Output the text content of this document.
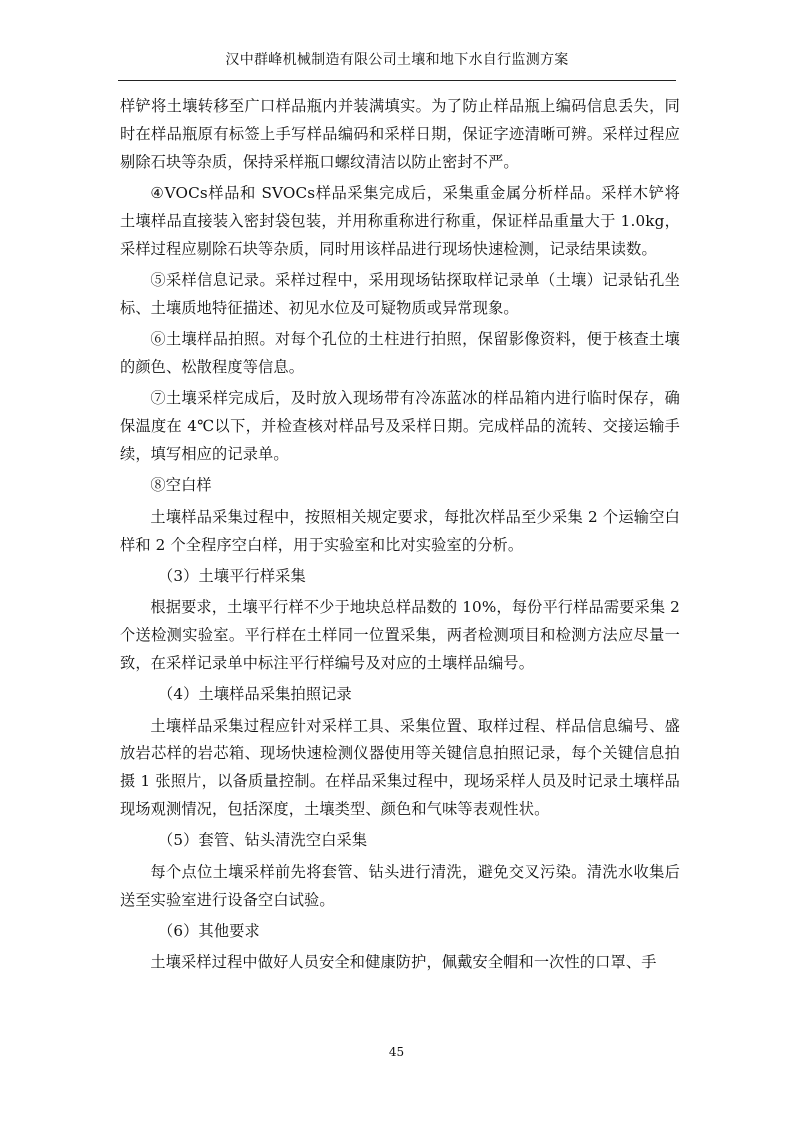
汉中群峰机械制造有限公司土壤和地下水自行监测方案

样铲将土壤转移至广口样品瓶内并装满填实。为了防止样品瓶上编码信息丢失，同时在样品瓶原有标签上手写样品编码和采样日期，保证字迹清晰可辨。采样过程应剔除石块等杂质，保持采样瓶口螺纹清洁以防止密封不严。

④VOCs样品和 SVOCs样品采集完成后，采集重金属分析样品。采样木铲将土壤样品直接装入密封袋包装，并用称重称进行称重，保证样品重量大于 1.0kg，采样过程应剔除石块等杂质，同时用该样品进行现场快速检测，记录结果读数。

⑤采样信息记录。采样过程中，采用现场钻探取样记录单（土壤）记录钻孔坐标、土壤质地特征描述、初见水位及可疑物质或异常现象。

⑥土壤样品拍照。对每个孔位的土柱进行拍照，保留影像资料，便于核查土壤的颜色、松散程度等信息。

⑦土壤采样完成后，及时放入现场带有冷冻蓝冰的样品箱内进行临时保存，确保温度在 4℃以下，并检查核对样品号及采样日期。完成样品的流转、交接运输手续，填写相应的记录单。

⑧空白样

土壤样品采集过程中，按照相关规定要求，每批次样品至少采集 2 个运输空白样和 2 个全程序空白样，用于实验室和比对实验室的分析。

（3）土壤平行样采集

根据要求，土壤平行样不少于地块总样品数的 10%，每份平行样品需要采集 2 个送检测实验室。平行样在土样同一位置采集，两者检测项目和检测方法应尽量一致，在采样记录单中标注平行样编号及对应的土壤样品编号。

（4）土壤样品采集拍照记录

土壤样品采集过程应针对采样工具、采集位置、取样过程、样品信息编号、盛放岩芯样的岩芯箱、现场快速检测仪器使用等关键信息拍照记录，每个关键信息拍摄 1 张照片，以备质量控制。在样品采集过程中，现场采样人员及时记录土壤样品现场观测情况，包括深度，土壤类型、颜色和气味等表观性状。

（5）套管、钻头清洗空白采集

每个点位土壤采样前先将套管、钻头进行清洗，避免交叉污染。清洗水收集后送至实验室进行设备空白试验。

（6）其他要求

土壤采样过程中做好人员安全和健康防护，佩戴安全帽和一次性的口罩、手

45
